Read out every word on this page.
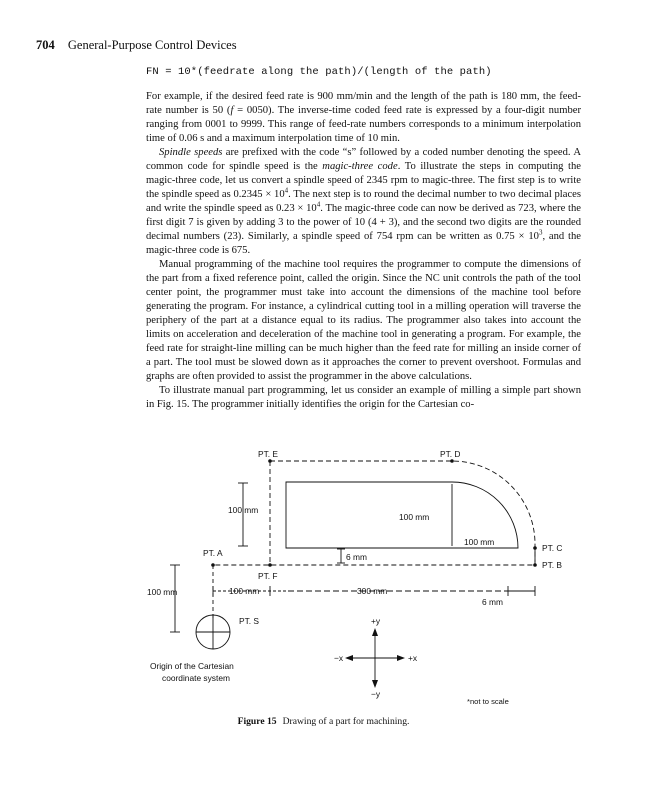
704 General-Purpose Control Devices
FN = 10*(feedrate along the path)/(length of the path)

For example, if the desired feed rate is 900 mm/min and the length of the path is 180 mm, the feed-rate number is 50 (f = 0050). The inverse-time coded feed rate is expressed by a four-digit number ranging from 0001 to 9999. This range of feed-rate numbers corresponds to a minimum interpolation time of 0.06 s and a maximum interpolation time of 10 min.

Spindle speeds are prefixed with the code “s” followed by a coded number denoting the speed. A common code for spindle speed is the magic-three code. To illustrate the steps in computing the magic-three code, let us convert a spindle speed of 2345 rpm to magic-three. The first step is to write the spindle speed as $0.2345 \times 10^4$. The next step is to round the decimal number to two decimal places and write the spindle speed as $0.23 \times 10^4$. The magic-three code can now be derived as 723, where the first digit 7 is given by adding 3 to the power of 10 (4 + 3), and the second two digits are the rounded decimal numbers (23). Similarly, a spindle speed of 754 rpm can be written as $0.75 \times 10^3$, and the magic-three code is 675.

Manual programming of the machine tool requires the programmer to compute the dimensions of the part from a fixed reference point, called the origin. Since the NC unit controls the path of the tool center point, the programmer must take into account the dimensions of the machine tool before generating the program. For instance, a cylindrical cutting tool in a milling operation will traverse the periphery of the part at a distance equal to its radius. The programmer also takes into account the limits on acceleration and deceleration of the machine tool in generating a program. For example, the feed rate for straight-line milling can be much higher than the feed rate for milling an inside corner of a part. The tool must be slowed down as it approaches the corner to prevent overshoot. Formulas and graphs are often provided to assist the programmer in the above calculations.

To illustrate manual part programming, let us consider an example of milling a simple part shown in Fig. 15. The programmer initially identifies the origin for the Cartesian co-

PT. E	PT. D
PT. C
PT. B
PT. A
PT. F
PT. S
100 mm
100 mm
100 mm
6 mm
100 mm	100 mm	300 mm
6 mm
+y
−y
−x	+x
Origin of the Cartesian
coordinate system
*not to scale
Figure 15 Drawing of a part for machining.
